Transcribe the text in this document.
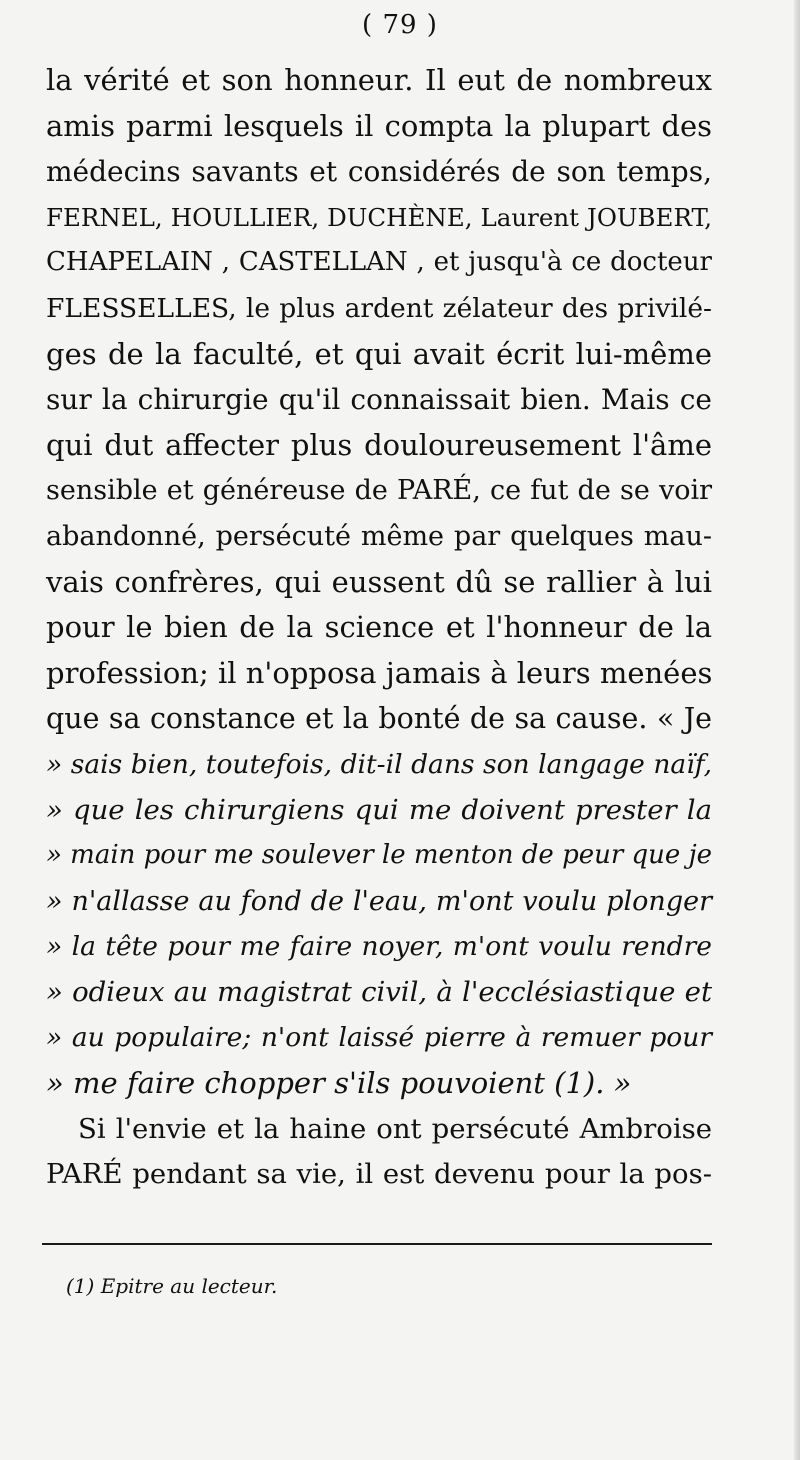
( 79 )
la vérité et son honneur. Il eut de nombreux
amis parmi lesquels il compta la plupart des
médecins savants et considérés de son temps,
FERNEL, HOULLIER, DUCHÈNE, Laurent JOUBERT,
CHAPELAIN , CASTELLAN , et jusqu'à ce docteur
FLESSELLES, le plus ardent zélateur des privilé-
ges de la faculté, et qui avait écrit lui-même
sur la chirurgie qu'il connaissait bien. Mais ce
qui dut affecter plus douloureusement l'âme
sensible et généreuse de PARÉ, ce fut de se voir
abandonné, persécuté même par quelques mau-
vais confrères, qui eussent dû se rallier à lui
pour le bien de la science et l'honneur de la
profession; il n'opposa jamais à leurs menées
que sa constance et la bonté de sa cause. « Je
» sais bien, toutefois, dit-il dans son langage naïf,
» que les chirurgiens qui me doivent prester la
» main pour me soulever le menton de peur que je
» n'allasse au fond de l'eau, m'ont voulu plonger
» la tête pour me faire noyer, m'ont voulu rendre
» odieux au magistrat civil, à l'ecclésiastique et
» au populaire; n'ont laissé pierre à remuer pour
» me faire chopper s'ils pouvoient (1). »
Si l'envie et la haine ont persécuté Ambroise
PARÉ pendant sa vie, il est devenu pour la pos-
(1) Epitre au lecteur.
